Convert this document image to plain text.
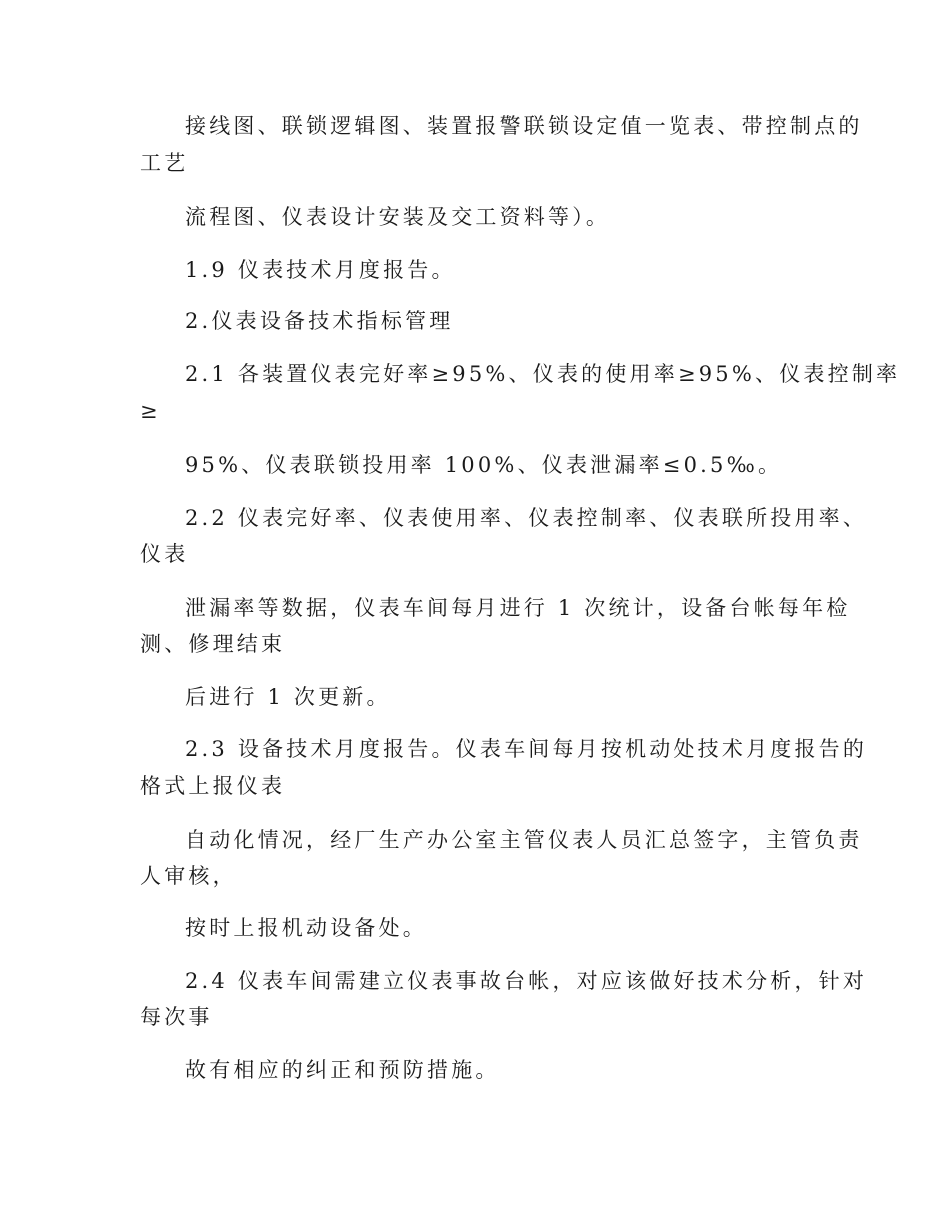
接线图、联锁逻辑图、装置报警联锁设定值一览表、带控制点的
工艺
流程图、仪表设计安装及交工资料等）。
1.9 仪表技术月度报告。
2.仪表设备技术指标管理
2.1 各装置仪表完好率≥95%、仪表的使用率≥95%、仪表控制率
≥
95%、仪表联锁投用率 100%、仪表泄漏率≤0.5‰。
2.2 仪表完好率、仪表使用率、仪表控制率、仪表联所投用率、
仪表
泄漏率等数据，仪表车间每月进行 1 次统计，设备台帐每年检
测、修理结束
后进行 1 次更新。
2.3 设备技术月度报告。仪表车间每月按机动处技术月度报告的
格式上报仪表
自动化情况，经厂生产办公室主管仪表人员汇总签字，主管负责
人审核，
按时上报机动设备处。
2.4 仪表车间需建立仪表事故台帐，对应该做好技术分析，针对
每次事
故有相应的纠正和预防措施。
